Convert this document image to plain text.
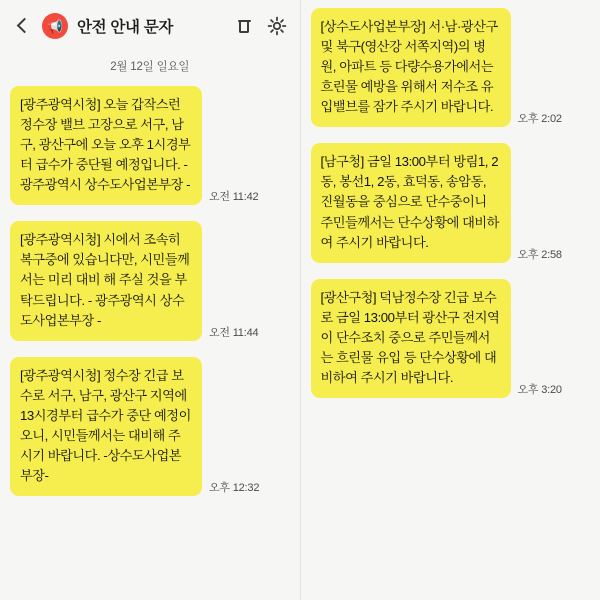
📢 안전 안내 문자
2월 12일 일요일
[광주광역시청] 오늘 갑작스런 정수장 밸브 고장으로 서구, 남구, 광산구에 오늘 오후 1시경부터 급수가 중단될 예정입니다. - 광주광역시 상수도사업본부장 -
오전 11:42
[광주광역시청] 시에서 조속히 복구중에 있습니다만, 시민들께서는 미리 대비 해 주실 것을 부탁드립니다. - 광주광역시 상수도사업본부장 -
오전 11:44
[광주광역시청] 정수장 긴급 보수로 서구, 남구, 광산구 지역에 13시경부터 급수가 중단 예정이오니, 시민들께서는 대비해 주시기 바랍니다. -상수도사업본부장-
오후 12:32
[상수도사업본부장] 서·남·광산구 및 북구(영산강 서쪽지역)의 병원, 아파트 등 다량수용가에서는 흐린물 예방을 위해서 저수조 유입밸브를 잠가 주시기 바랍니다.
오후 2:02
[남구청] 금일 13:00부터 방림1, 2동, 봉선1, 2동, 효덕동, 송암동, 진월동을 중심으로 단수중이니 주민들께서는 단수상황에 대비하여 주시기 바랍니다.
오후 2:58
[광산구청] 덕남정수장 긴급 보수로 금일 13:00부터 광산구 전지역이 단수조치 중으로 주민들께서는 흐린물 유입 등 단수상황에 대비하여 주시기 바랍니다.
오후 3:20
